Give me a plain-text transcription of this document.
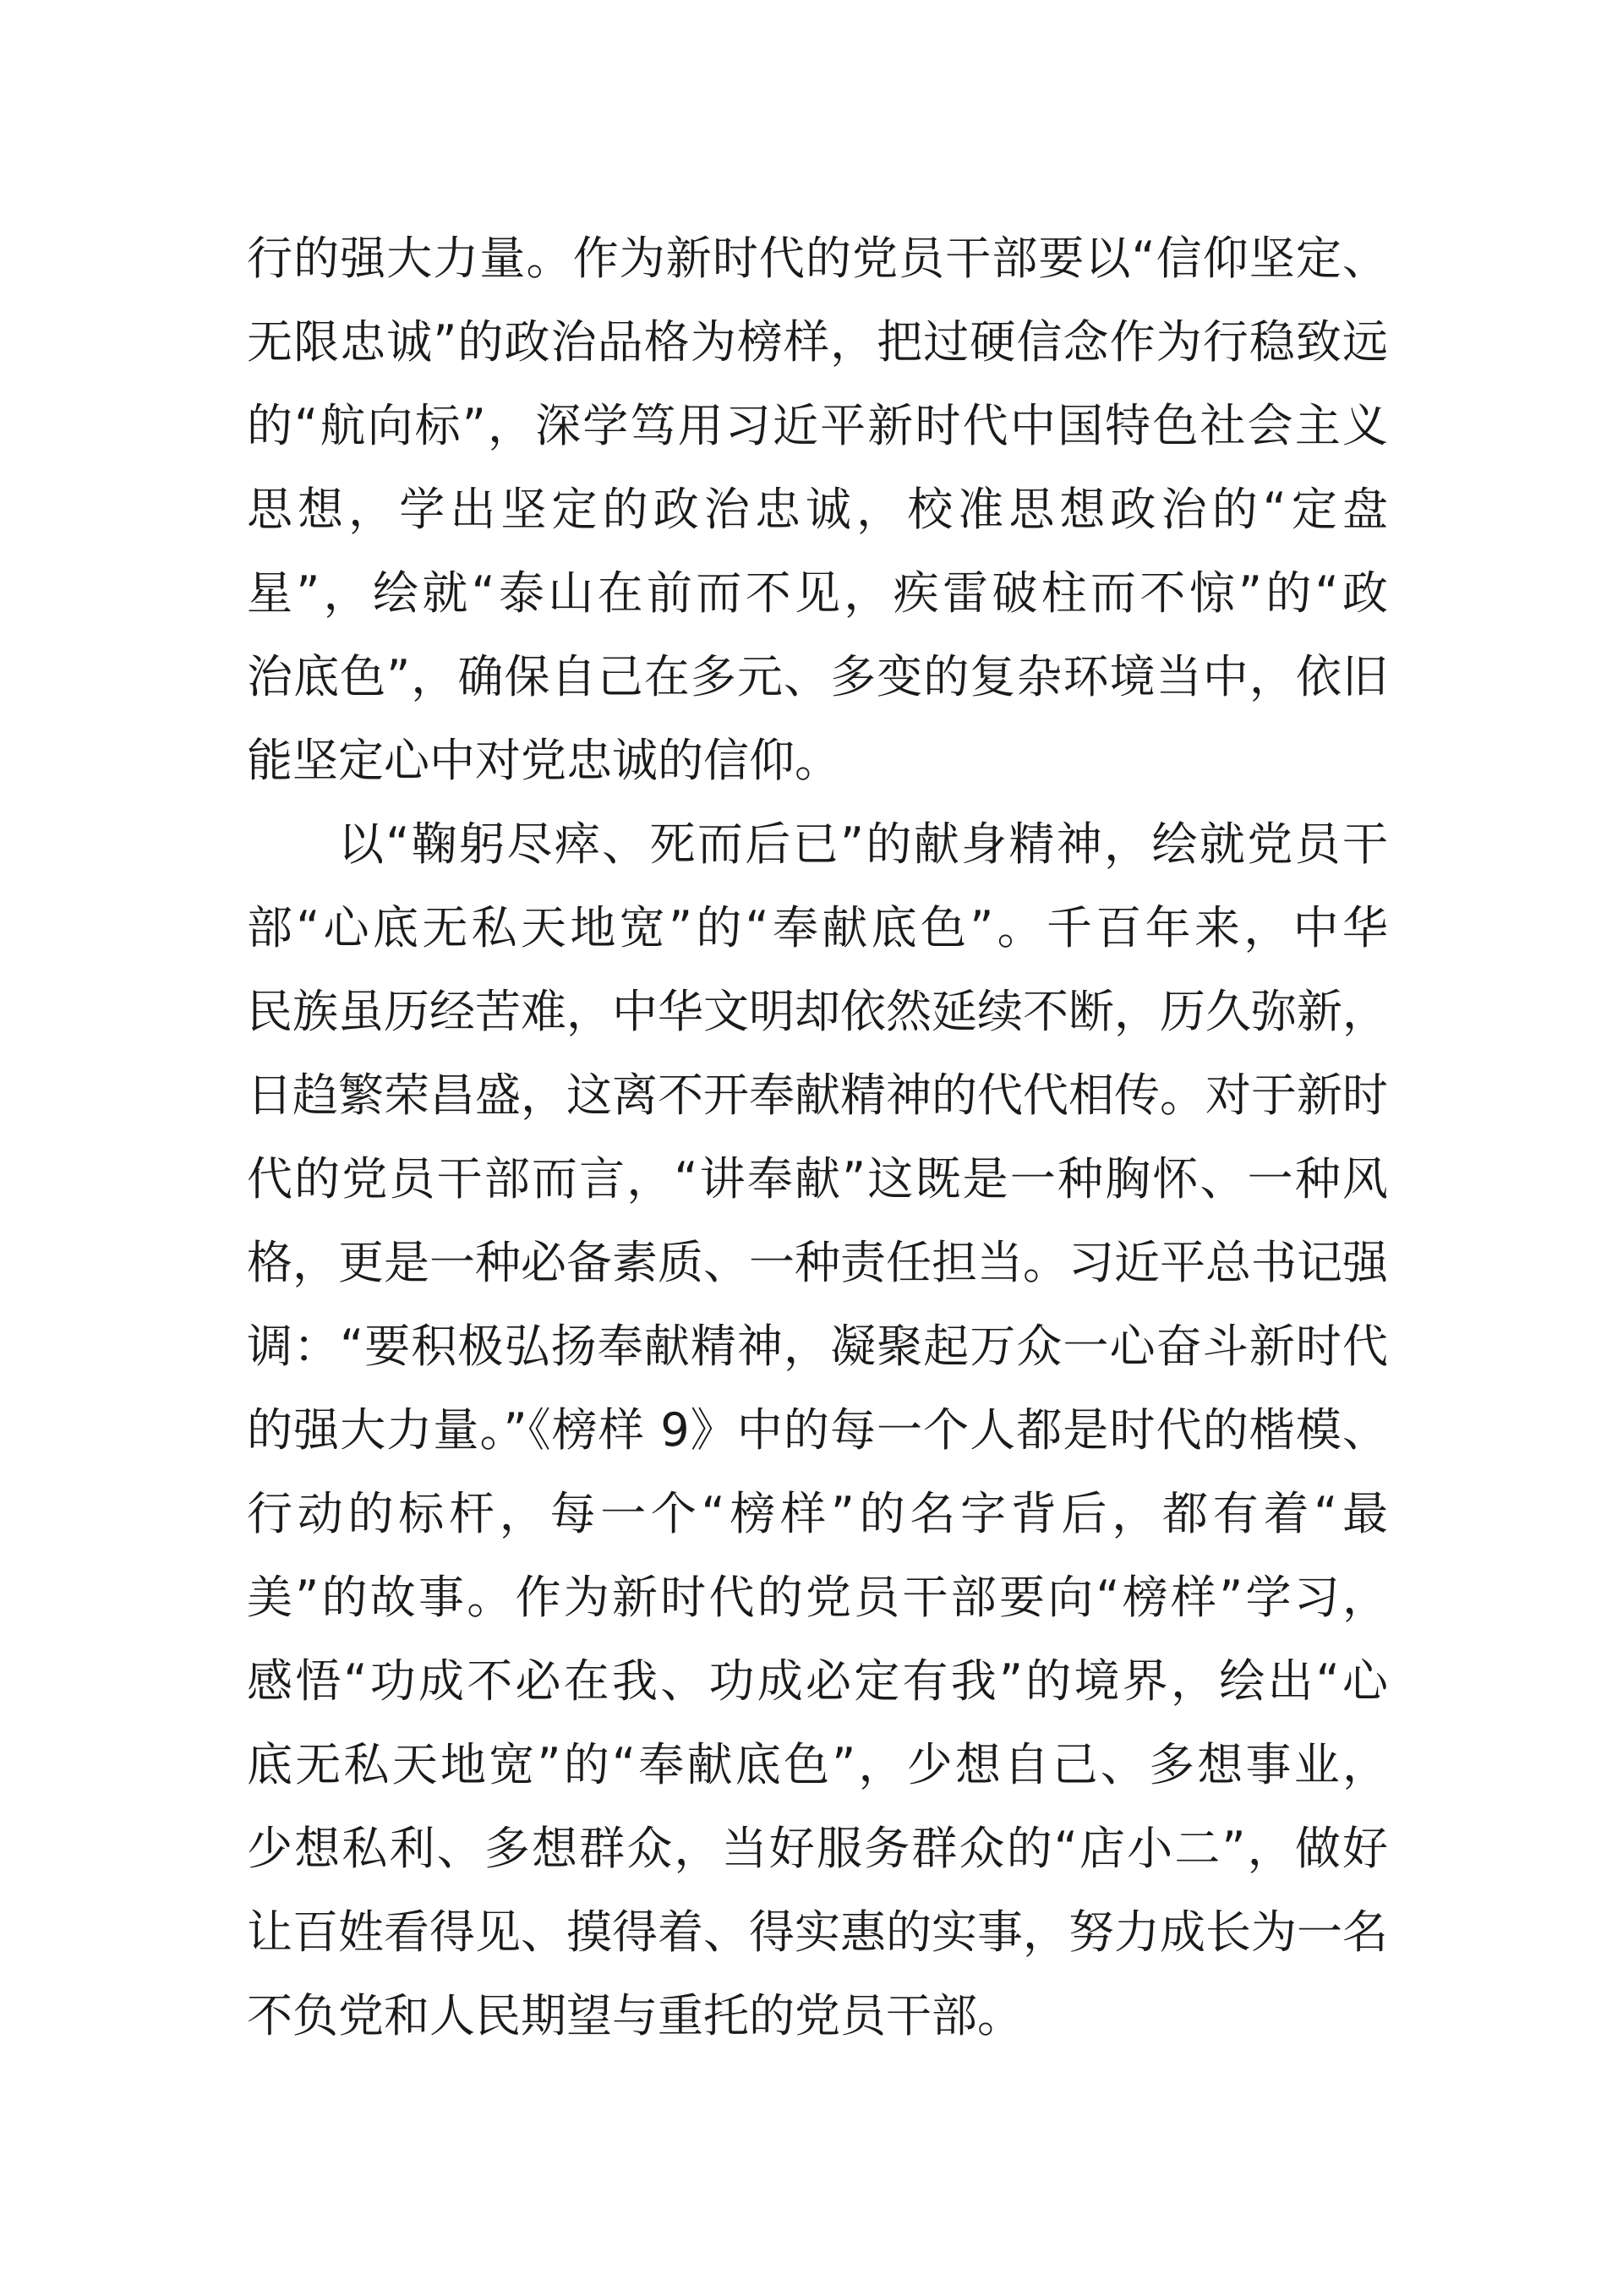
行的强大力量。作为新时代的党员干部要以“信仰坚定、
无限忠诚”的政治品格为榜样，把过硬信念作为行稳致远
的“航向标”，深学笃用习近平新时代中国特色社会主义
思想，学出坚定的政治忠诚，校准思想政治的“定盘
星”，绘就“泰山在前而不见，疾雷破柱而不惊”的“政
治底色”，确保自己在多元、多变的复杂环境当中，依旧
能坚定心中对党忠诚的信仰。
以“鞠躬尽瘁、死而后已”的献身精神，绘就党员干
部“心底无私天地宽”的“奉献底色”。千百年来，中华
民族虽历经苦难，中华文明却依然延续不断，历久弥新，
日趋繁荣昌盛，这离不开奉献精神的代代相传。对于新时
代的党员干部而言，“讲奉献”这既是一种胸怀、一种风
格，更是一种必备素质、一种责任担当。习近平总书记强
调：“要积极弘扬奉献精神，凝聚起万众一心奋斗新时代
的强大力量。”《榜样 9》中的每一个人都是时代的楷模、
行动的标杆，每一个“榜样”的名字背后，都有着“最
美”的故事。作为新时代的党员干部要向“榜样”学习，
感悟“功成不必在我、功成必定有我”的境界，绘出“心
底无私天地宽”的“奉献底色”，少想自己、多想事业，
少想私利、多想群众，当好服务群众的“店小二”，做好
让百姓看得见、摸得着、得实惠的实事，努力成长为一名
不负党和人民期望与重托的党员干部。
